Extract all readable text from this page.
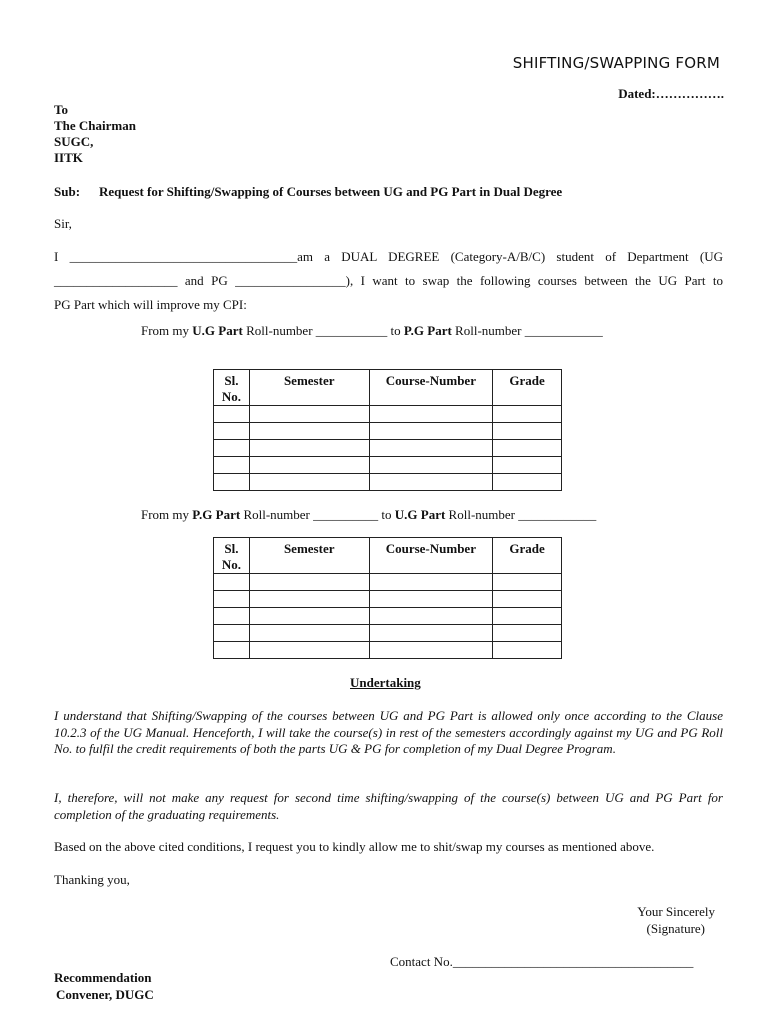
SHIFTING/SWAPPING FORM
Dated:…………….
To
The Chairman
SUGC,
IITK
Sub: Request for Shifting/Swapping of Courses between UG and PG Part in Dual Degree
Sir,
I ___________________________________am a DUAL DEGREE (Category-A/B/C) student of Department (UG
___________________ and PG _________________), I want to swap the following courses between the UG Part to
PG Part which will improve my CPI:
From my U.G Part Roll-number ___________ to P.G Part Roll-number ____________
Sl.
No.	Semester	Course-Number	Grade

From my P.G Part Roll-number __________ to U.G Part Roll-number ____________
Sl.
No.	Semester	Course-Number	Grade

Undertaking
I understand that Shifting/Swapping of the courses between UG and PG Part is allowed only once according to the Clause 10.2.3 of the UG Manual. Henceforth, I will take the course(s) in rest of the semesters accordingly against my UG and PG Roll No. to fulfil the credit requirements of both the parts UG & PG for completion of my Dual Degree Program.
I, therefore, will not make any request for second time shifting/swapping of the course(s) between UG and PG Part for completion of the graduating requirements.
Based on the above cited conditions, I request you to kindly allow me to shit/swap my courses as mentioned above.
Thanking you,
Your Sincerely
(Signature)
Contact No._____________________________________
Recommendation
Convener, DUGC
